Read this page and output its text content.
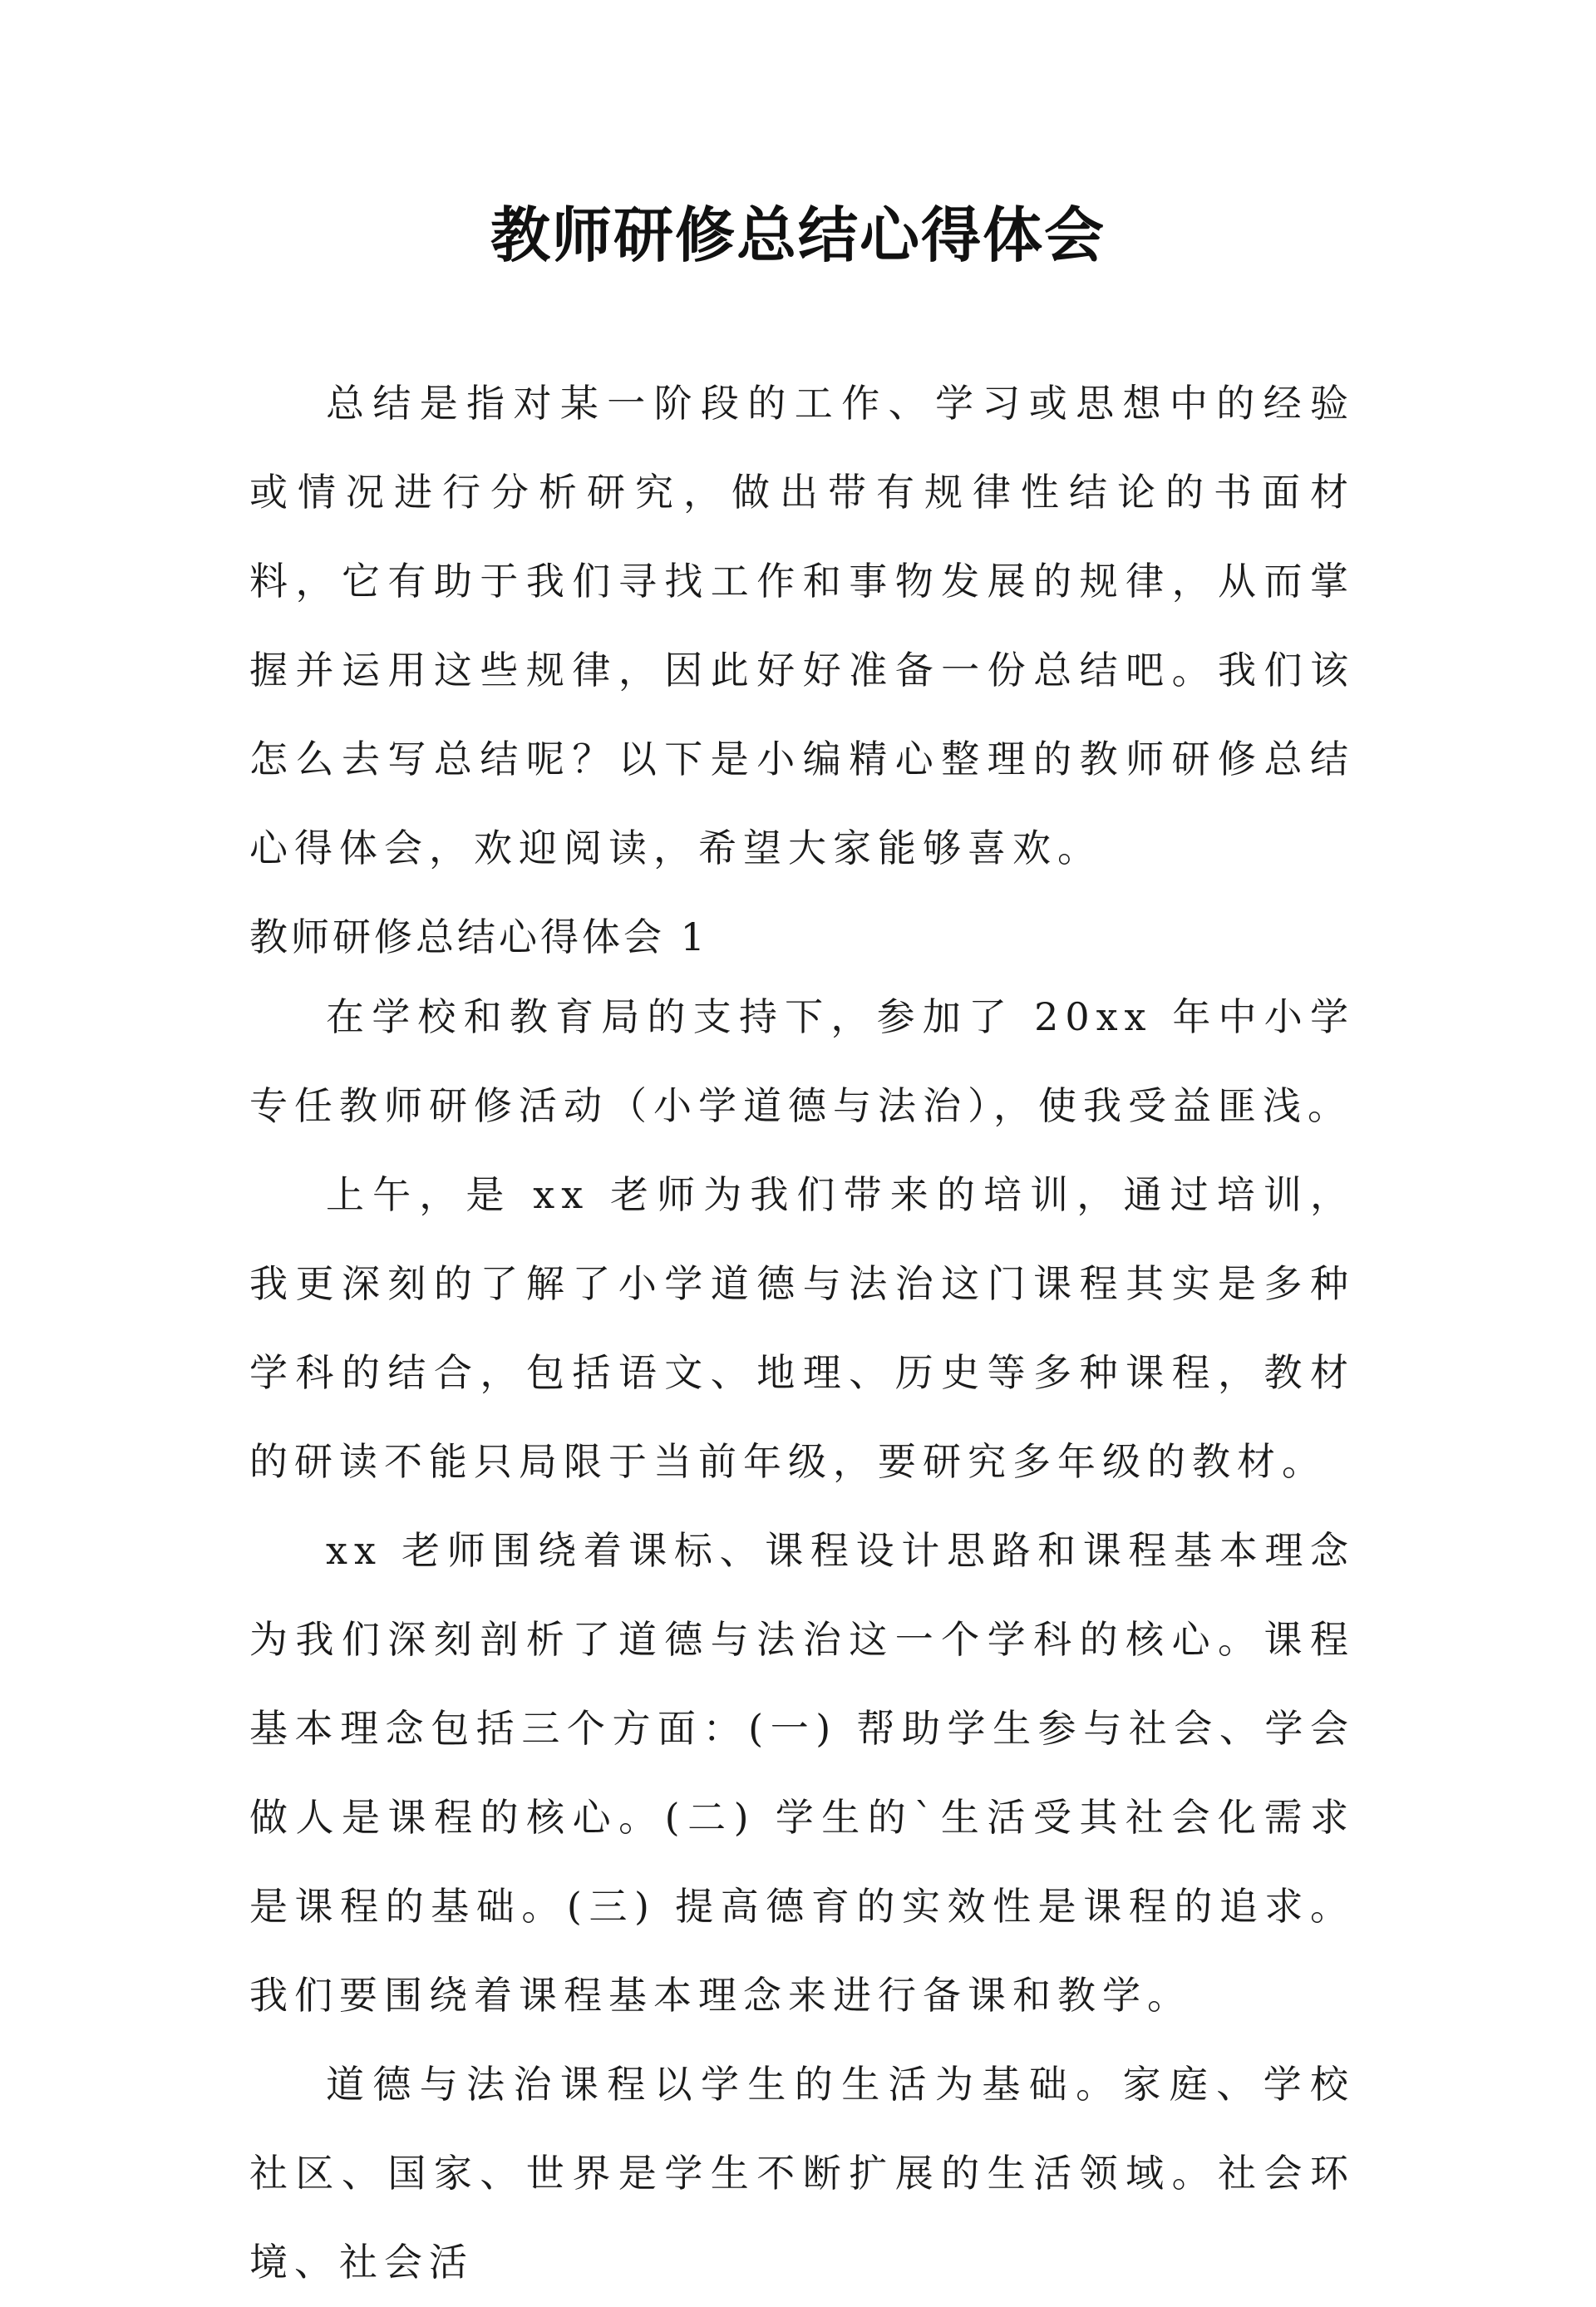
教师研修总结心得体会

总结是指对某一阶段的工作、学习或思想中的经验或情况进行分析研究，做出带有规律性结论的书面材料，它有助于我们寻找工作和事物发展的规律，从而掌握并运用这些规律，因此好好准备一份总结吧。我们该怎么去写总结呢？以下是小编精心整理的教师研修总结心得体会，欢迎阅读，希望大家能够喜欢。

教师研修总结心得体会 1

在学校和教育局的支持下，参加了 20xx 年中小学专任教师研修活动（小学道德与法治），使我受益匪浅。

上午，是 xx 老师为我们带来的培训，通过培训，我更深刻的了解了小学道德与法治这门课程其实是多种学科的结合，包括语文、地理、历史等多种课程，教材的研读不能只局限于当前年级，要研究多年级的教材。

xx 老师围绕着课标、课程设计思路和课程基本理念为我们深刻剖析了道德与法治这一个学科的核心。课程基本理念包括三个方面：(一) 帮助学生参与社会、学会做人是课程的核心。(二) 学生的`生活受其社会化需求是课程的基础。(三) 提高德育的实效性是课程的追求。我们要围绕着课程基本理念来进行备课和教学。

道德与法治课程以学生的生活为基础。家庭、学校社区、国家、世界是学生不断扩展的生活领域。社会环境、社会活
